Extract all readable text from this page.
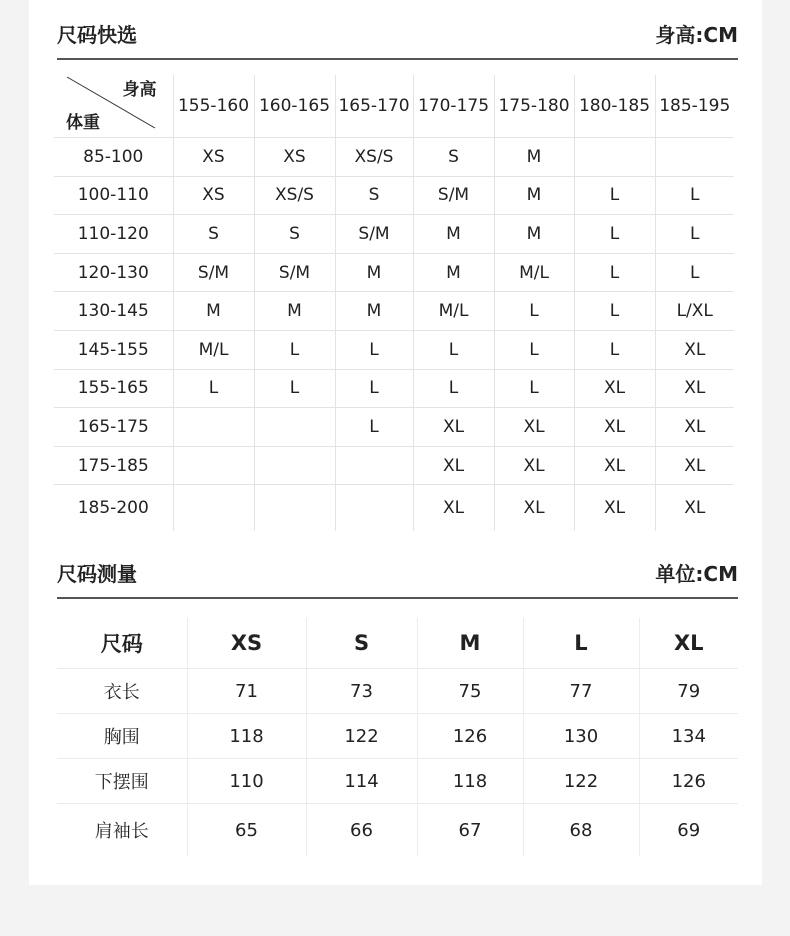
尺码快选	身高:CM
身高
体重	155-160	160-165	165-170	170-175	175-180	180-185	185-195
85-100	XS	XS	XS/S	S	M		
100-110	XS	XS/S	S	S/M	M	L	L
110-120	S	S	S/M	M	M	L	L
120-130	S/M	S/M	M	M	M/L	L	L
130-145	M	M	M	M/L	L	L	L/XL
145-155	M/L	L	L	L	L	L	XL
155-165	L	L	L	L	L	XL	XL
165-175			L	XL	XL	XL	XL
175-185				XL	XL	XL	XL
185-200				XL	XL	XL	XL
尺码测量	单位:CM
尺码	XS	S	M	L	XL
衣长	71	73	75	77	79
胸围	118	122	126	130	134
下摆围	110	114	118	122	126
肩袖长	65	66	67	68	69
